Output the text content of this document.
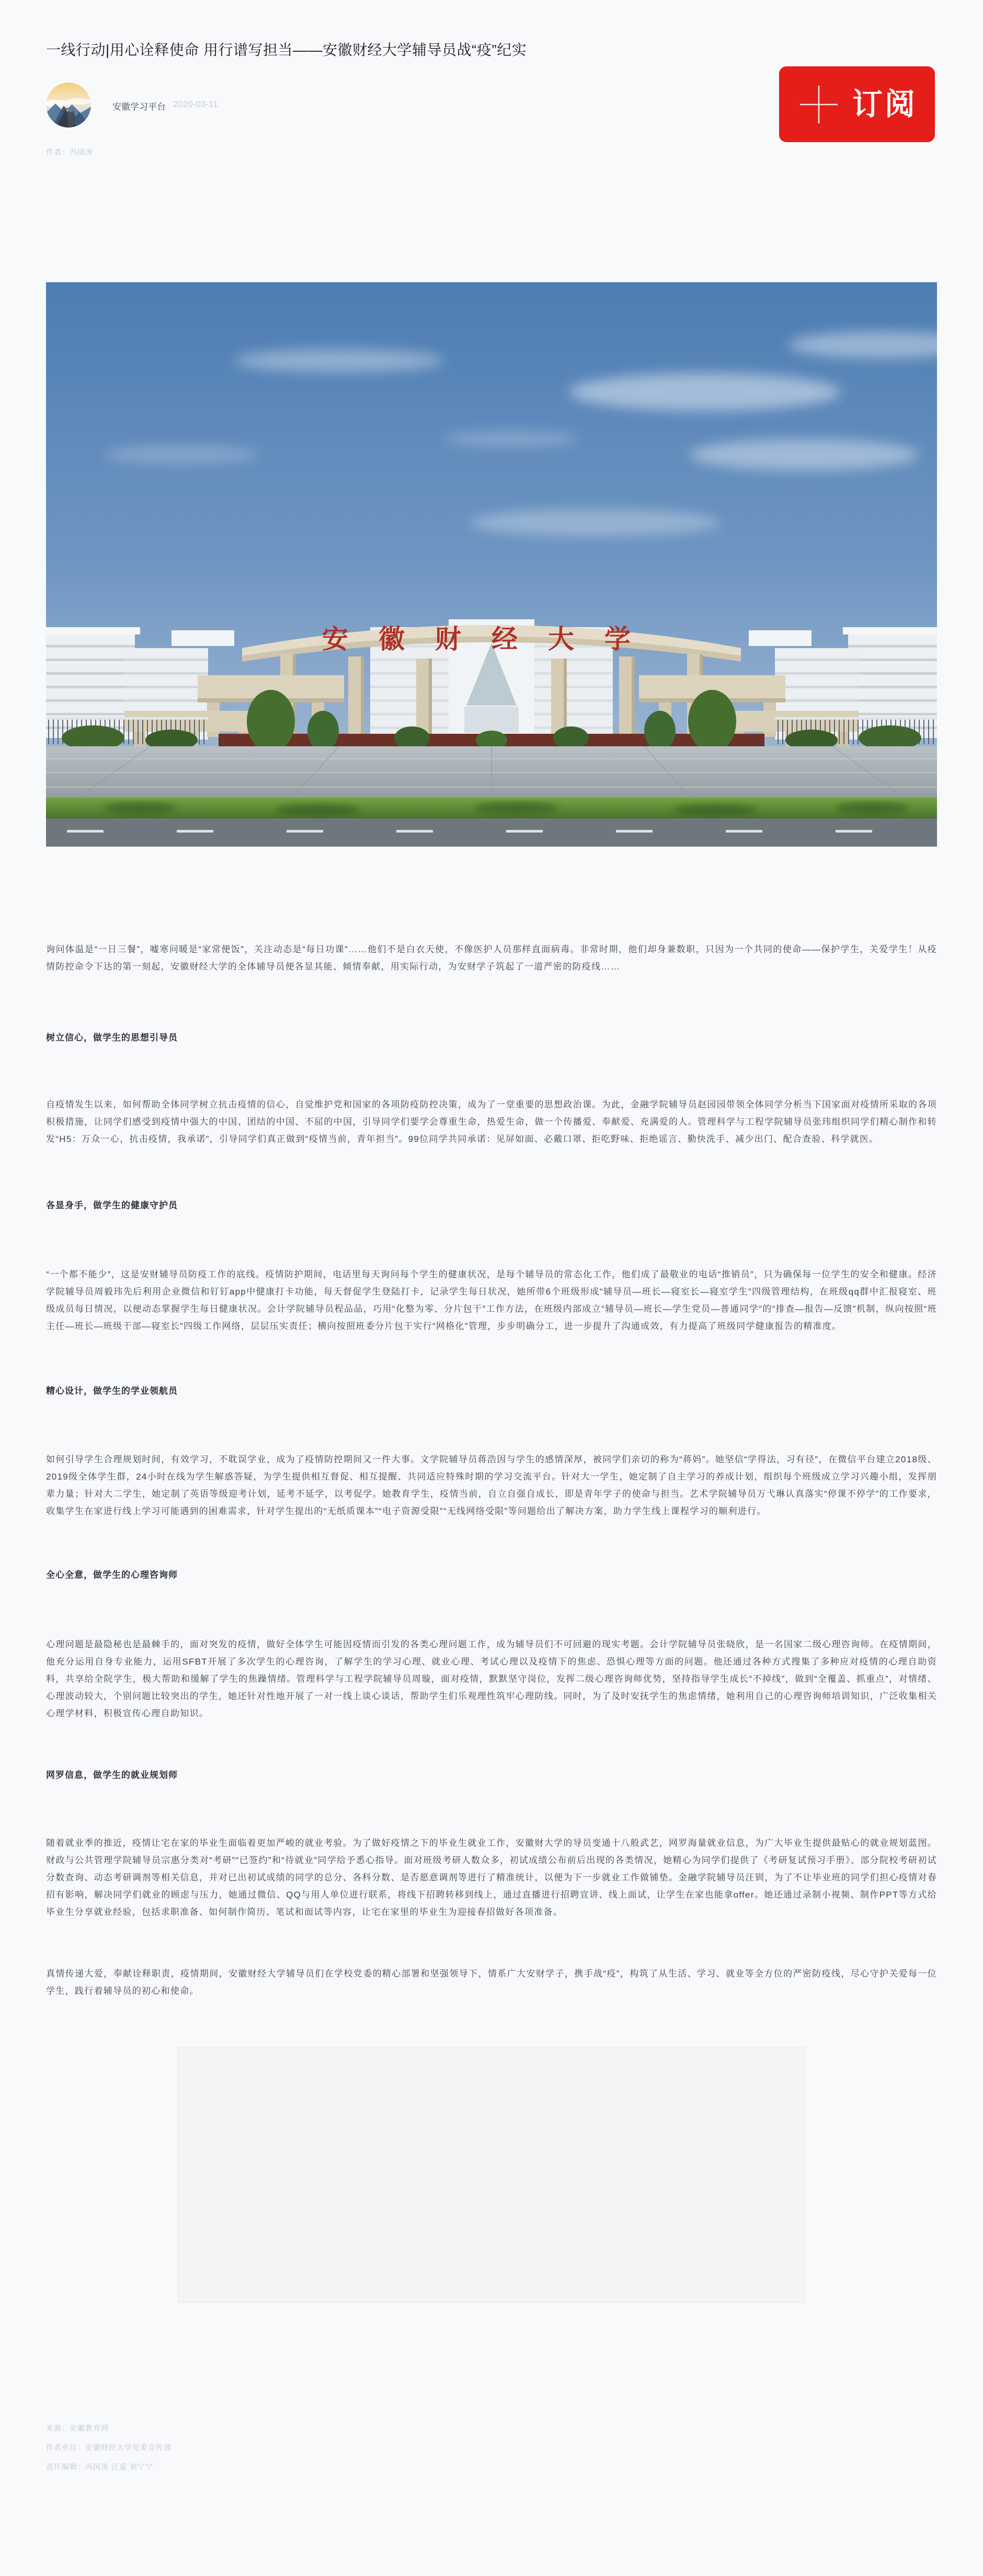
一线行动|用心诠释使命 用行谱写担当——安徽财经大学辅导员战“疫”纪实
安徽学习平台 2020-03-11
作者：冯国涛
订阅
安徽财经大学

询问体温是“一日三餐”，嘘寒问暖是“家常便饭”，关注动态是“每日功课”……他们不是白衣天使，不像医护人员那样直面病毒。非常时期，他们却身兼数职，只因为一个共同的使命——保护学生，关爱学生！从疫情防控命令下达的第一刻起，安徽财经大学的全体辅导员便各显其能、倾情奉献，用实际行动，为安财学子筑起了一道严密的防疫线……

树立信心，做学生的思想引导员

自疫情发生以来，如何帮助全体同学树立抗击疫情的信心，自觉维护党和国家的各项防疫防控决策，成为了一堂重要的思想政治课。为此，金融学院辅导员赵园园带领全体同学分析当下国家面对疫情所采取的各项积极措施，让同学们感受到疫情中强大的中国、团结的中国、不屈的中国，引导同学们要学会尊重生命，热爱生命，做一个传播爱、奉献爱、充满爱的人。管理科学与工程学院辅导员张玮组织同学们精心制作和转发“H5：万众一心，抗击疫情，我承诺”，引导同学们真正做到“疫情当前，青年担当”。99位同学共同承诺：见屏如面、必戴口罩、拒吃野味、拒绝谣言、勤快洗手、减少出门、配合查验、科学就医。

各显身手，做学生的健康守护员

“一个都不能少”，这是安财辅导员防疫工作的底线。疫情防护期间，电话里每天询问每个学生的健康状况，是每个辅导员的常态化工作，他们成了最敬业的电话“推销员”，只为确保每一位学生的安全和健康。经济学院辅导员周毅玮先后利用企业微信和钉钉app中健康打卡功能，每天督促学生登陆打卡，记录学生每日状况，她所带6个班级形成“辅导员—班长—寝室长—寝室学生”四级管理结构，在班级qq群中汇报寝室、班级成员每日情况，以便动态掌握学生每日健康状况。会计学院辅导员程品品，巧用“化整为零、分片包干”工作方法，在班级内部成立“辅导员—班长—学生党员—普通同学”的“排查—报告—反馈”机制，纵向按照“班主任—班长—班级干部—寝室长”四级工作网络，层层压实责任；横向按照班委分片包干实行“网格化”管理，步步明确分工，进一步提升了沟通成效，有力提高了班级同学健康报告的精准度。

精心设计，做学生的学业领航员

如何引导学生合理规划时间，有效学习，不耽误学业，成为了疫情防控期间又一件大事。文学院辅导员蒋浩因与学生的感情深厚，被同学们亲切的称为“蒋妈”。她坚信“学得法，习有径”，在微信平台建立2018级、2019级全体学生群，24小时在线为学生解惑答疑，为学生提供相互督促、相互提醒、共同适应特殊时期的学习交流平台。针对大一学生，她定制了自主学习的养成计划，组织每个班级成立学习兴趣小组，发挥朋辈力量；针对大二学生，她定制了英语等级迎考计划，延考不延学，以考促学。她教育学生，疫情当前，自立自强自成长，即是青年学子的使命与担当。艺术学院辅导员万弋琳认真落实“停课不停学”的工作要求，收集学生在家进行线上学习可能遇到的困难需求，针对学生提出的“无纸质课本”“电子资源受限”“无线网络受限”等问题给出了解决方案，助力学生线上课程学习的顺利进行。

全心全意，做学生的心理咨询师

心理问题是最隐秘也是最棘手的，面对突发的疫情，做好全体学生可能因疫情而引发的各类心理问题工作，成为辅导员们不可回避的现实考题。会计学院辅导员张晓欣，是一名国家二级心理咨询师。在疫情期间，他充分运用自身专业能力，运用SFBT开展了多次学生的心理咨询，了解学生的学习心理、就业心理、考试心理以及疫情下的焦虑、恐惧心理等方面的问题。他还通过各种方式搜集了多种应对疫情的心理自助资料，共享给全院学生，极大帮助和缓解了学生的焦躁情绪。管理科学与工程学院辅导员周璇，面对疫情，默默坚守岗位，发挥二级心理咨询师优势，坚持指导学生成长“不掉线”，做到“全覆盖、抓重点”，对情绪、心理波动较大，个别问题比较突出的学生，她还针对性地开展了一对一线上谈心谈话，帮助学生们乐观理性筑牢心理防线。同时，为了及时安抚学生的焦虑情绪，她利用自己的心理咨询师培训知识，广泛收集相关心理学材料，积极宣传心理自助知识。

网罗信息，做学生的就业规划师

随着就业季的推近，疫情让宅在家的毕业生面临着更加严峻的就业考验。为了做好疫情之下的毕业生就业工作，安徽财大学的导员变通十八般武艺，网罗海量就业信息，为广大毕业生提供最贴心的就业规划蓝图。财政与公共管理学院辅导员宗惠分类对“考研”“已签约”和“待就业”同学给予悉心指导。面对班级考研人数众多，初试成绩公布前后出现的各类情况，她精心为同学们提供了《考研复试预习手册》、部分院校考研初试分数查询、动态考研调剂等相关信息，并对已出初试成绩的同学的总分、各科分数、是否愿意调剂等进行了精准统计，以便为下一步就业工作做铺垫。金融学院辅导员汪钏，为了不让毕业班的同学们担心疫情对春招有影响，解决同学们就业的顾虑与压力，她通过微信、QQ与用人单位进行联系，将线下招聘转移到线上，通过直播进行招聘宣讲、线上面试，让学生在家也能拿offer。她还通过录制小视频、制作PPT等方式给毕业生分享就业经验，包括求职准备、如何制作简历、笔试和面试等内容，让宅在家里的毕业生为迎接春招做好各项准备。

真情传递大爱，奉献诠释职责，疫情期间，安徽财经大学辅导员们在学校党委的精心部署和坚强领导下，情系广大安财学子，携手战“疫”，构筑了从生活、学习、就业等全方位的严密防疫线，尽心守护关爱每一位学生，践行着辅导员的初心和使命。

来源：安徽教育网
作者单位：安徽财经大学党委宣传部
责任编辑：冯国涛 汪遥 刘宁宁
